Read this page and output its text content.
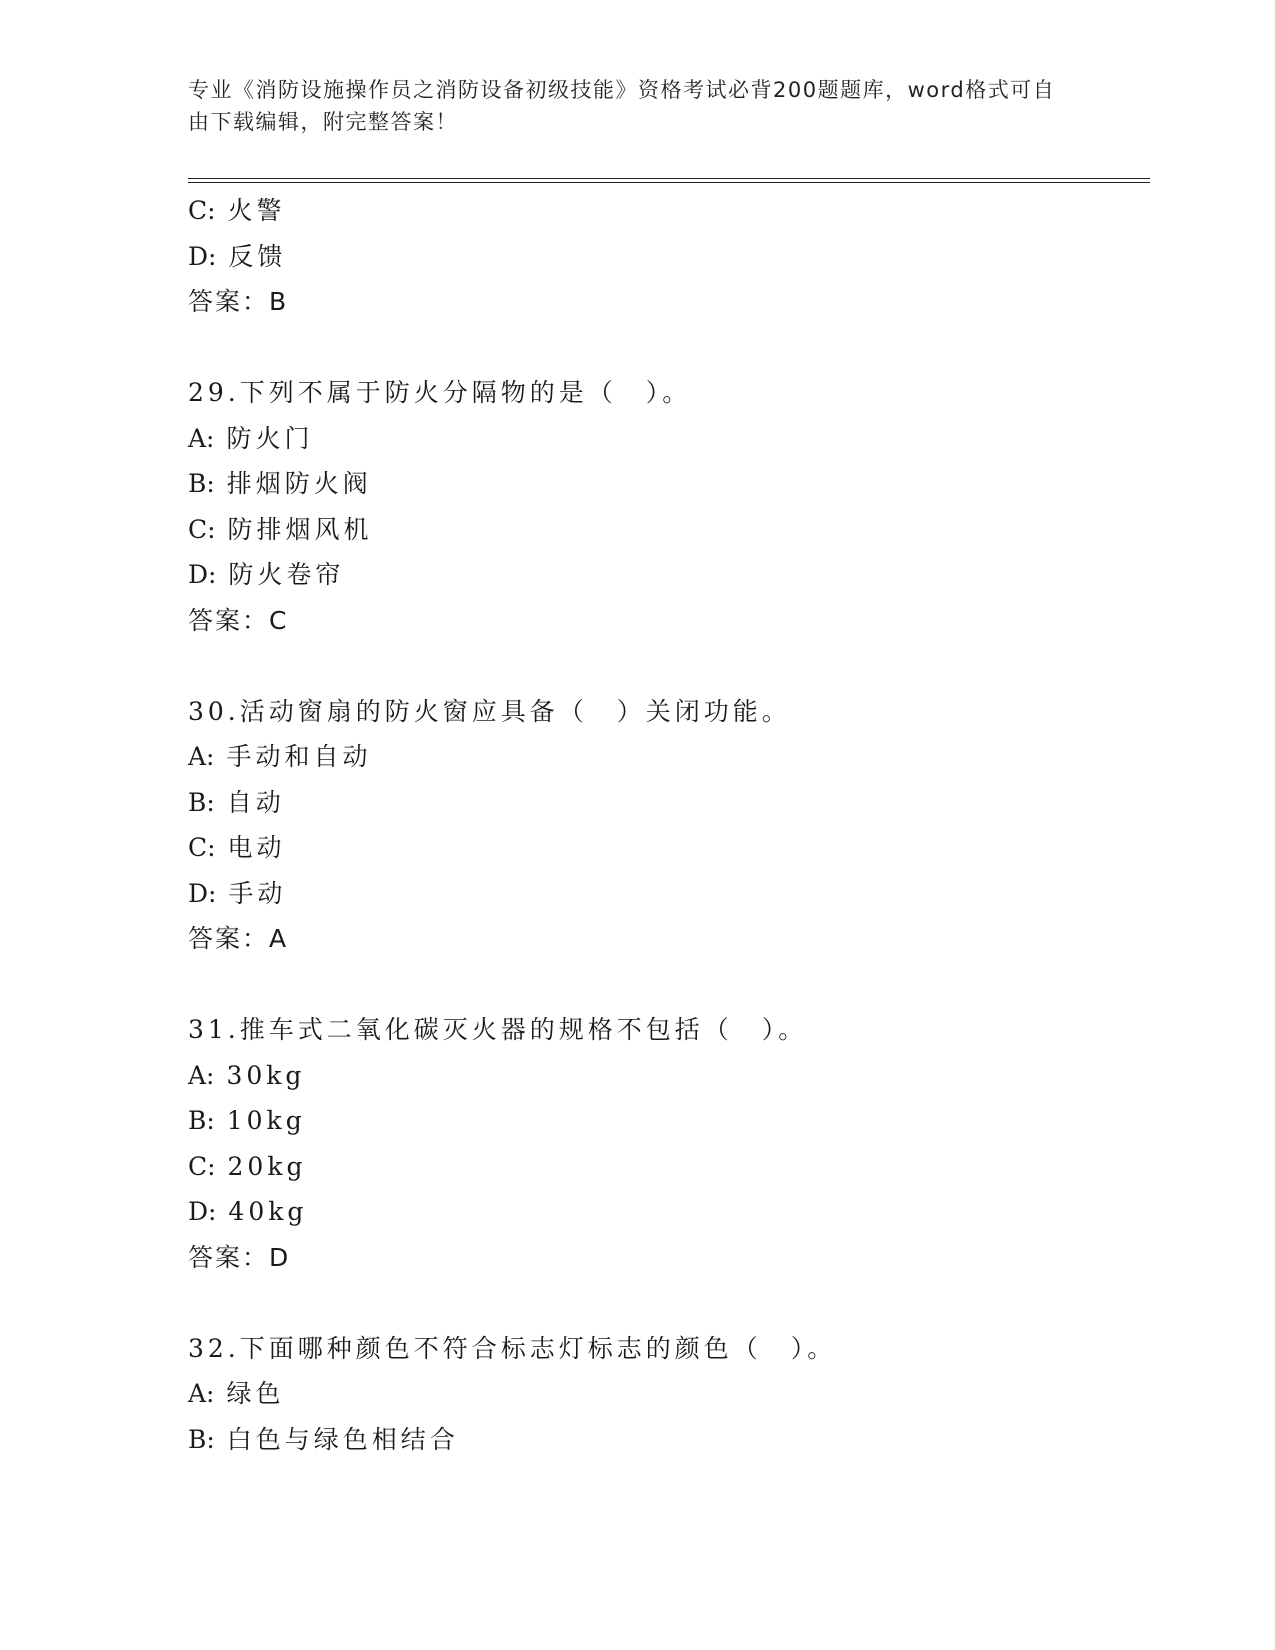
专业《消防设施操作员之消防设备初级技能》资格考试必背200题题库，word格式可自由下载编辑，附完整答案！
C: 火警
D: 反馈
答案：B
29.下列不属于防火分隔物的是（　）。
A: 防火门
B: 排烟防火阀
C: 防排烟风机
D: 防火卷帘
答案：C
30.活动窗扇的防火窗应具备（　）关闭功能。
A: 手动和自动
B: 自动
C: 电动
D: 手动
答案：A
31.推车式二氧化碳灭火器的规格不包括（　）。
A: 30kg
B: 10kg
C: 20kg
D: 40kg
答案：D
32.下面哪种颜色不符合标志灯标志的颜色（　）。
A: 绿色
B: 白色与绿色相结合
